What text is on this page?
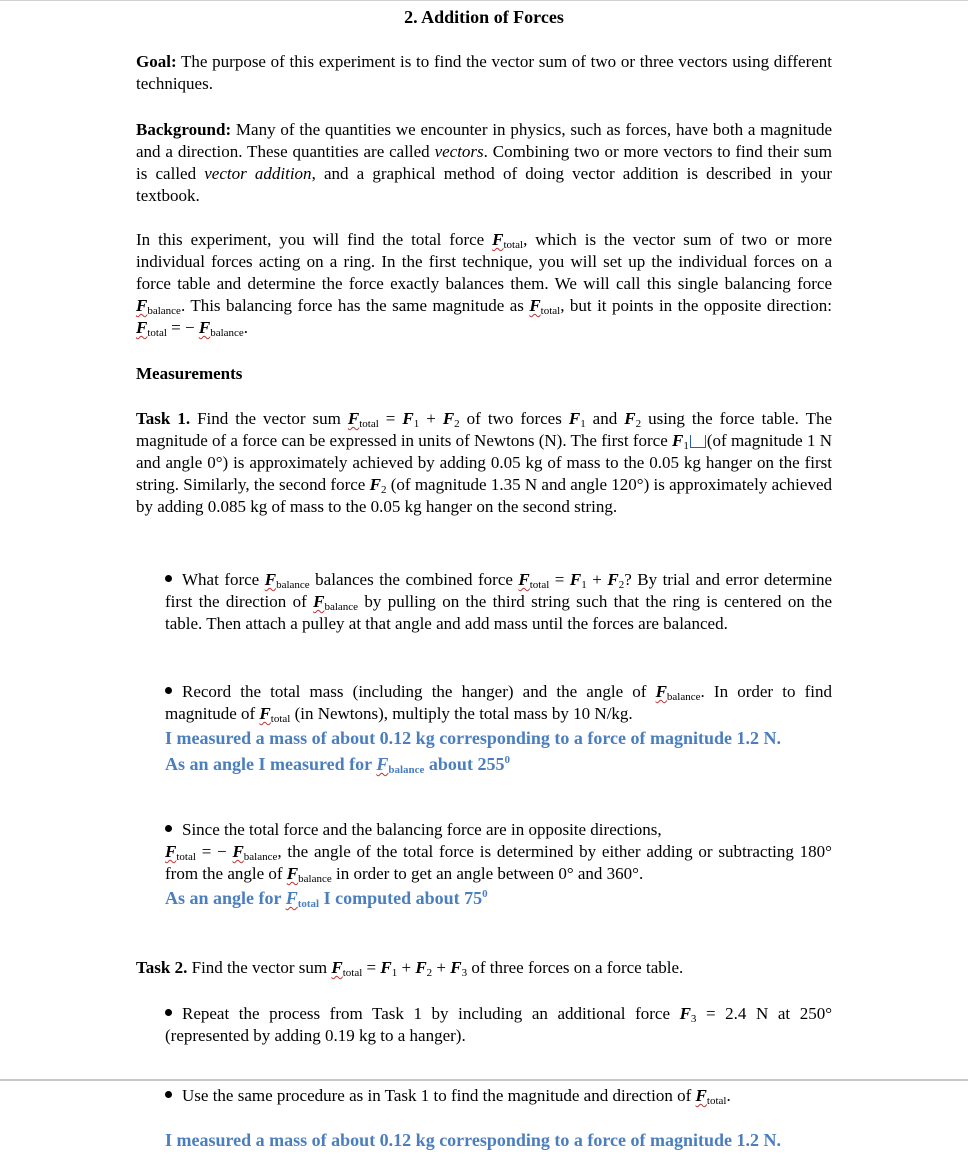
2. Addition of Forces

Goal: The purpose of this experiment is to find the vector sum of two or three vectors using different techniques.

Background: Many of the quantities we encounter in physics, such as forces, have both a magnitude and a direction. These quantities are called vectors. Combining two or more vectors to find their sum is called vector addition, and a graphical method of doing vector addition is described in your textbook.

In this experiment, you will find the total force $F_{total}$, which is the vector sum of two or more individual forces acting on a ring. In the first technique, you will set up the individual forces on a force table and determine the force exactly balances them. We will call this single balancing force $F_{balance}$. This balancing force has the same magnitude as $F_{total}$, but it points in the opposite direction: $F_{total}$ = − $F_{balance}$.

Measurements

Task 1. Find the vector sum $F_{total} = F_1 + F_2$ of two forces $F_1$ and $F_2$ using the force table. The magnitude of a force can be expressed in units of Newtons (N). The first force $F_1$ (of magnitude 1 N and angle 0°) is approximately achieved by adding 0.05 kg of mass to the 0.05 kg hanger on the first string. Similarly, the second force $F_2$ (of magnitude 1.35 N and angle 120°) is approximately achieved by adding 0.085 kg of mass to the 0.05 kg hanger on the second string.

What force $F_{balance}$ balances the combined force $F_{total} = F_1 + F_2$? By trial and error determine first the direction of $F_{balance}$ by pulling on the third string such that the ring is centered on the table. Then attach a pulley at that angle and add mass until the forces are balanced.

Record the total mass (including the hanger) and the angle of $F_{balance}$. In order to find magnitude of $F_{total}$ (in Newtons), multiply the total mass by 10 N/kg.

I measured a mass of about 0.12 kg corresponding to a force of magnitude 1.2 N.

As an angle I measured for $F_{balance}$ about $255^0$

Since the total force and the balancing force are in opposite directions,
$F_{total}$ = − $F_{balance}$, the angle of the total force is determined by either adding or subtracting 180° from the angle of $F_{balance}$ in order to get an angle between 0° and 360°.

As an angle for $F_{total}$ I computed about $75^0$

Task 2. Find the vector sum $F_{total} = F_1 + F_2 + F_3$ of three forces on a force table.

Repeat the process from Task 1 by including an additional force $F_3 = 2.4$ N at 250° (represented by adding 0.19 kg to a hanger).

Use the same procedure as in Task 1 to find the magnitude and direction of $F_{total}$.

I measured a mass of about 0.12 kg corresponding to a force of magnitude 1.2 N.
